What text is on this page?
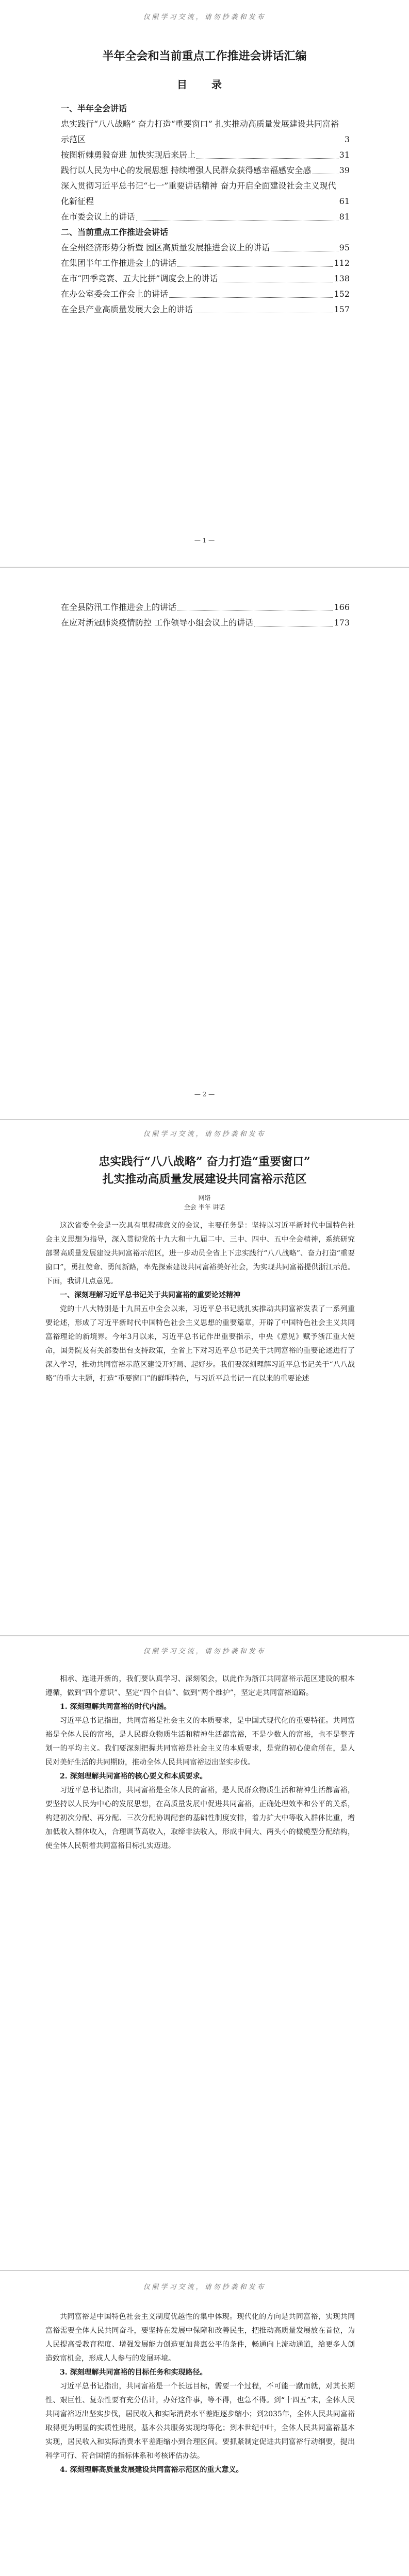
仅限学习交流，请勿抄袭和发布
半年全会和当前重点工作推进会讲话汇编
目 录
一、半年全会讲话
忠实践行“八八战略” 奋力打造“重要窗口” 扎实推动高质量发展建设共同富裕示范区	3
按图斩棘勇毅奋进 加快实现后来居上	31
践行以人民为中心的发展思想 持续增强人民群众获得感幸福感安全感	39
深入贯彻习近平总书记“七一”重要讲话精神 奋力开启全面建设社会主义现代化新征程	61
在市委会议上的讲话	81
二、当前重点工作推进会讲话
在全州经济形势分析暨 园区高质量发展推进会议上的讲话	95
在集团半年工作推进会上的讲话	112
在市“四季竞赛、五大比拼”调度会上的讲话	138
在办公室委会工作会上的讲话	152
在全县产业高质量发展大会上的讲话	157
— 1 —
在全县防汛工作推进会上的讲话	166
在应对新冠肺炎疫情防控 工作领导小组会议上的讲话	173
— 2 —
仅限学习交流，请勿抄袭和发布
忠实践行“八八战略” 奋力打造“重要窗口”
扎实推动高质量发展建设共同富裕示范区
网络
全会 半年 讲话

这次省委全会是一次具有里程碑意义的会议，主要任务是：坚持以习近平新时代中国特色社会主义思想为指导，深入贯彻党的十九大和十九届二中、三中、四中、五中全会精神，系统研究部署高质量发展建设共同富裕示范区，进一步动员全省上下忠实践行“八八战略”、奋力打造“重要窗口”，勇扛使命、勇闯新路，率先探索建设共同富裕美好社会，为实现共同富裕提供浙江示范。下面，我讲几点意见。

一、深刻理解习近平总书记关于共同富裕的重要论述精神

党的十八大特别是十九届五中全会以来，习近平总书记就扎实推动共同富裕发表了一系列重要论述，形成了习近平新时代中国特色社会主义思想的重要篇章，开辟了中国特色社会主义共同富裕理论的新境界。今年3月以来，习近平总书记作出重要指示，中央《意见》赋予浙江重大使命，国务院及有关部委出台支持政策，全省上下对习近平总书记关于共同富裕的重要论述进行了深入学习，推动共同富裕示范区建设开好局、起好步。我们要深刻理解习近平总书记关于“八八战略”的重大主题，打造“重要窗口”的鲜明特色，与习近平总书记一直以来的重要论述

仅限学习交流，请勿抄袭和发布

相承、连进开新的，我们要认真学习、深刻领会，以此作为浙江共同富裕示范区建设的根本遵循，做到“四个意识”、坚定“四个自信”、做到“两个维护”，坚定走共同富裕道路。

1. 深刻理解共同富裕的时代内涵。

习近平总书记指出，共同富裕是社会主义的本质要求，是中国式现代化的重要特征。共同富裕是全体人民的富裕，是人民群众物质生活和精神生活都富裕，不是少数人的富裕，也不是整齐划一的平均主义。我们要深刻把握共同富裕是社会主义的本质要求，是党的初心使命所在，是人民对美好生活的共同期盼，推动全体人民共同富裕迈出坚实步伐。

2. 深刻理解共同富裕的核心要义和本质要求。

习近平总书记指出，共同富裕是全体人民的富裕，是人民群众物质生活和精神生活都富裕，要坚持以人民为中心的发展思想，在高质量发展中促进共同富裕，正确处理效率和公平的关系，构建初次分配、再分配、三次分配协调配套的基础性制度安排，着力扩大中等收入群体比重，增加低收入群体收入，合理调节高收入，取缔非法收入，形成中间大、两头小的橄榄型分配结构，使全体人民朝着共同富裕目标扎实迈进。

仅限学习交流，请勿抄袭和发布

共同富裕是中国特色社会主义制度优越性的集中体现。现代化的方向是共同富裕，实现共同富裕需要全体人民共同奋斗，要坚持在发展中保障和改善民生，把推动高质量发展放在首位，为人民提高受教育程度、增强发展能力创造更加普惠公平的条件，畅通向上流动通道，给更多人创造致富机会，形成人人参与的发展环境。

3. 深刻理解共同富裕的目标任务和实现路径。

习近平总书记指出，共同富裕是一个长远目标，需要一个过程，不可能一蹴而就，对其长期性、艰巨性、复杂性要有充分估计，办好这件事，等不得，也急不得。到“十四五”末，全体人民共同富裕迈出坚实步伐，居民收入和实际消费水平差距逐步缩小；到2035年，全体人民共同富裕取得更为明显的实质性进展，基本公共服务实现均等化；到本世纪中叶，全体人民共同富裕基本实现，居民收入和实际消费水平差距缩小到合理区间。要抓紧制定促进共同富裕行动纲要，提出科学可行、符合国情的指标体系和考核评估办法。

4. 深刻理解高质量发展建设共同富裕示范区的重大意义。
